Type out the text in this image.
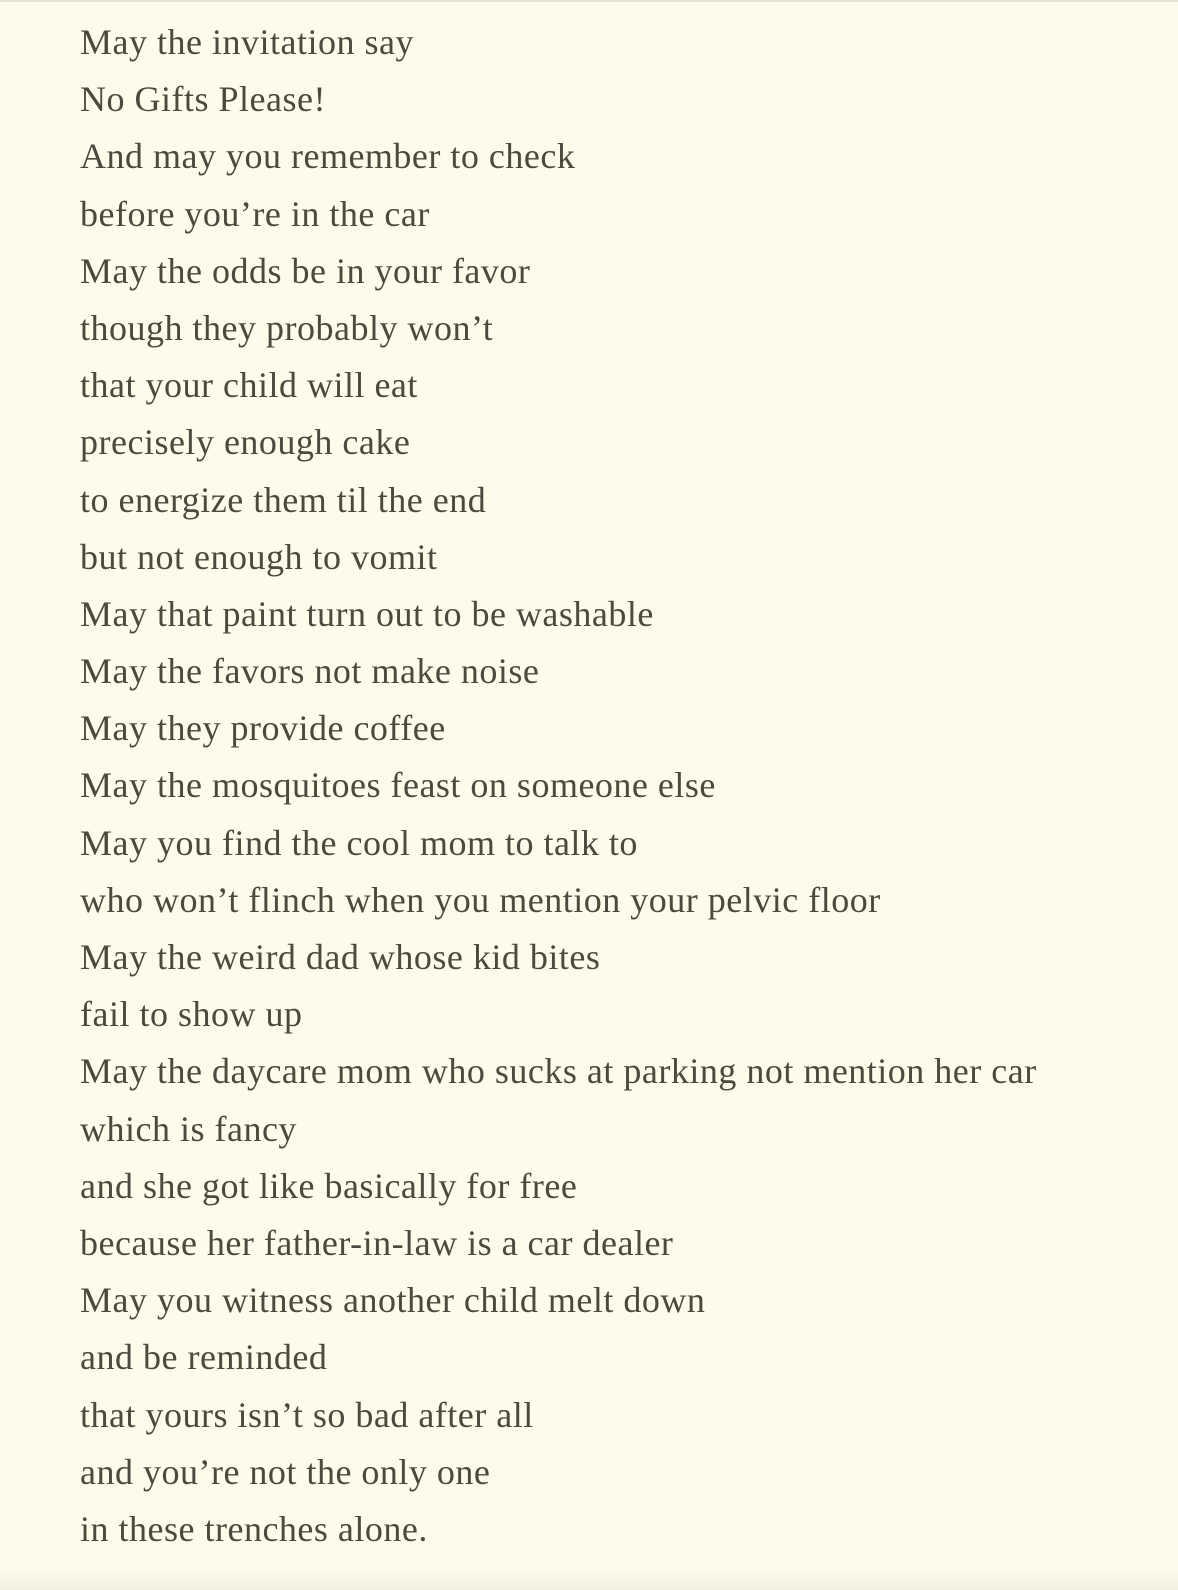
May the invitation say
No Gifts Please!
And may you remember to check
before you’re in the car
May the odds be in your favor
though they probably won’t
that your child will eat
precisely enough cake
to energize them til the end
but not enough to vomit
May that paint turn out to be washable
May the favors not make noise
May they provide coffee
May the mosquitoes feast on someone else
May you find the cool mom to talk to
who won’t flinch when you mention your pelvic floor
May the weird dad whose kid bites
fail to show up
May the daycare mom who sucks at parking not mention her car
which is fancy
and she got like basically for free
because her father-in-law is a car dealer
May you witness another child melt down
and be reminded
that yours isn’t so bad after all
and you’re not the only one
in these trenches alone.
